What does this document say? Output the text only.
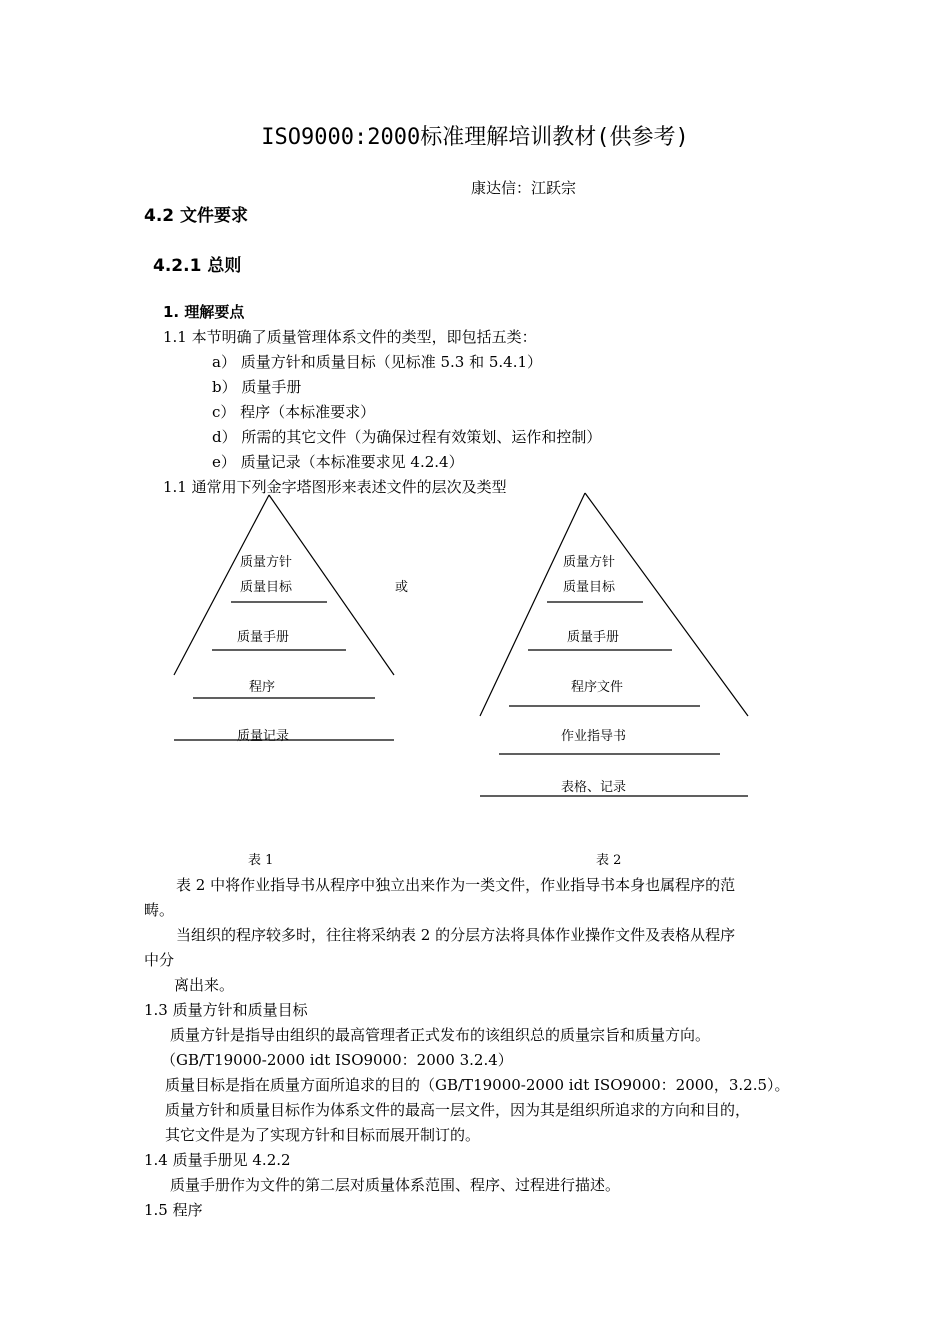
ISO9000:2000标准理解培训教材(供参考)
康达信：江跃宗
4.2 文件要求
4.2.1 总则
1. 理解要点
1.1 本节明确了质量管理体系文件的类型，即包括五类：
a） 质量方针和质量目标（见标准 5.3 和 5.4.1）
b） 质量手册
c） 程序（本标准要求）
d） 所需的其它文件（为确保过程有效策划、运作和控制）
e） 质量记录（本标准要求见 4.2.4）
1.1 通常用下列金字塔图形来表述文件的层次及类型
质量方针
质量目标
质量手册
程序
质量记录
或
质量方针
质量目标
质量手册
程序文件
作业指导书
表格、记录
表 1	表 2
表 2 中将作业指导书从程序中独立出来作为一类文件，作业指导书本身也属程序的范
畴。
当组织的程序较多时，往往将采纳表 2 的分层方法将具体作业操作文件及表格从程序
中分
离出来。
1.3 质量方针和质量目标
质量方针是指导由组织的最高管理者正式发布的该组织总的质量宗旨和质量方向。
（GB/T19000-2000 idt ISO9000：2000 3.2.4）
质量目标是指在质量方面所追求的目的（GB/T19000-2000 idt ISO9000：2000，3.2.5）。
质量方针和质量目标作为体系文件的最高一层文件，因为其是组织所追求的方向和目的，
其它文件是为了实现方针和目标而展开制订的。
1.4 质量手册见 4.2.2
质量手册作为文件的第二层对质量体系范围、程序、过程进行描述。
1.5 程序
